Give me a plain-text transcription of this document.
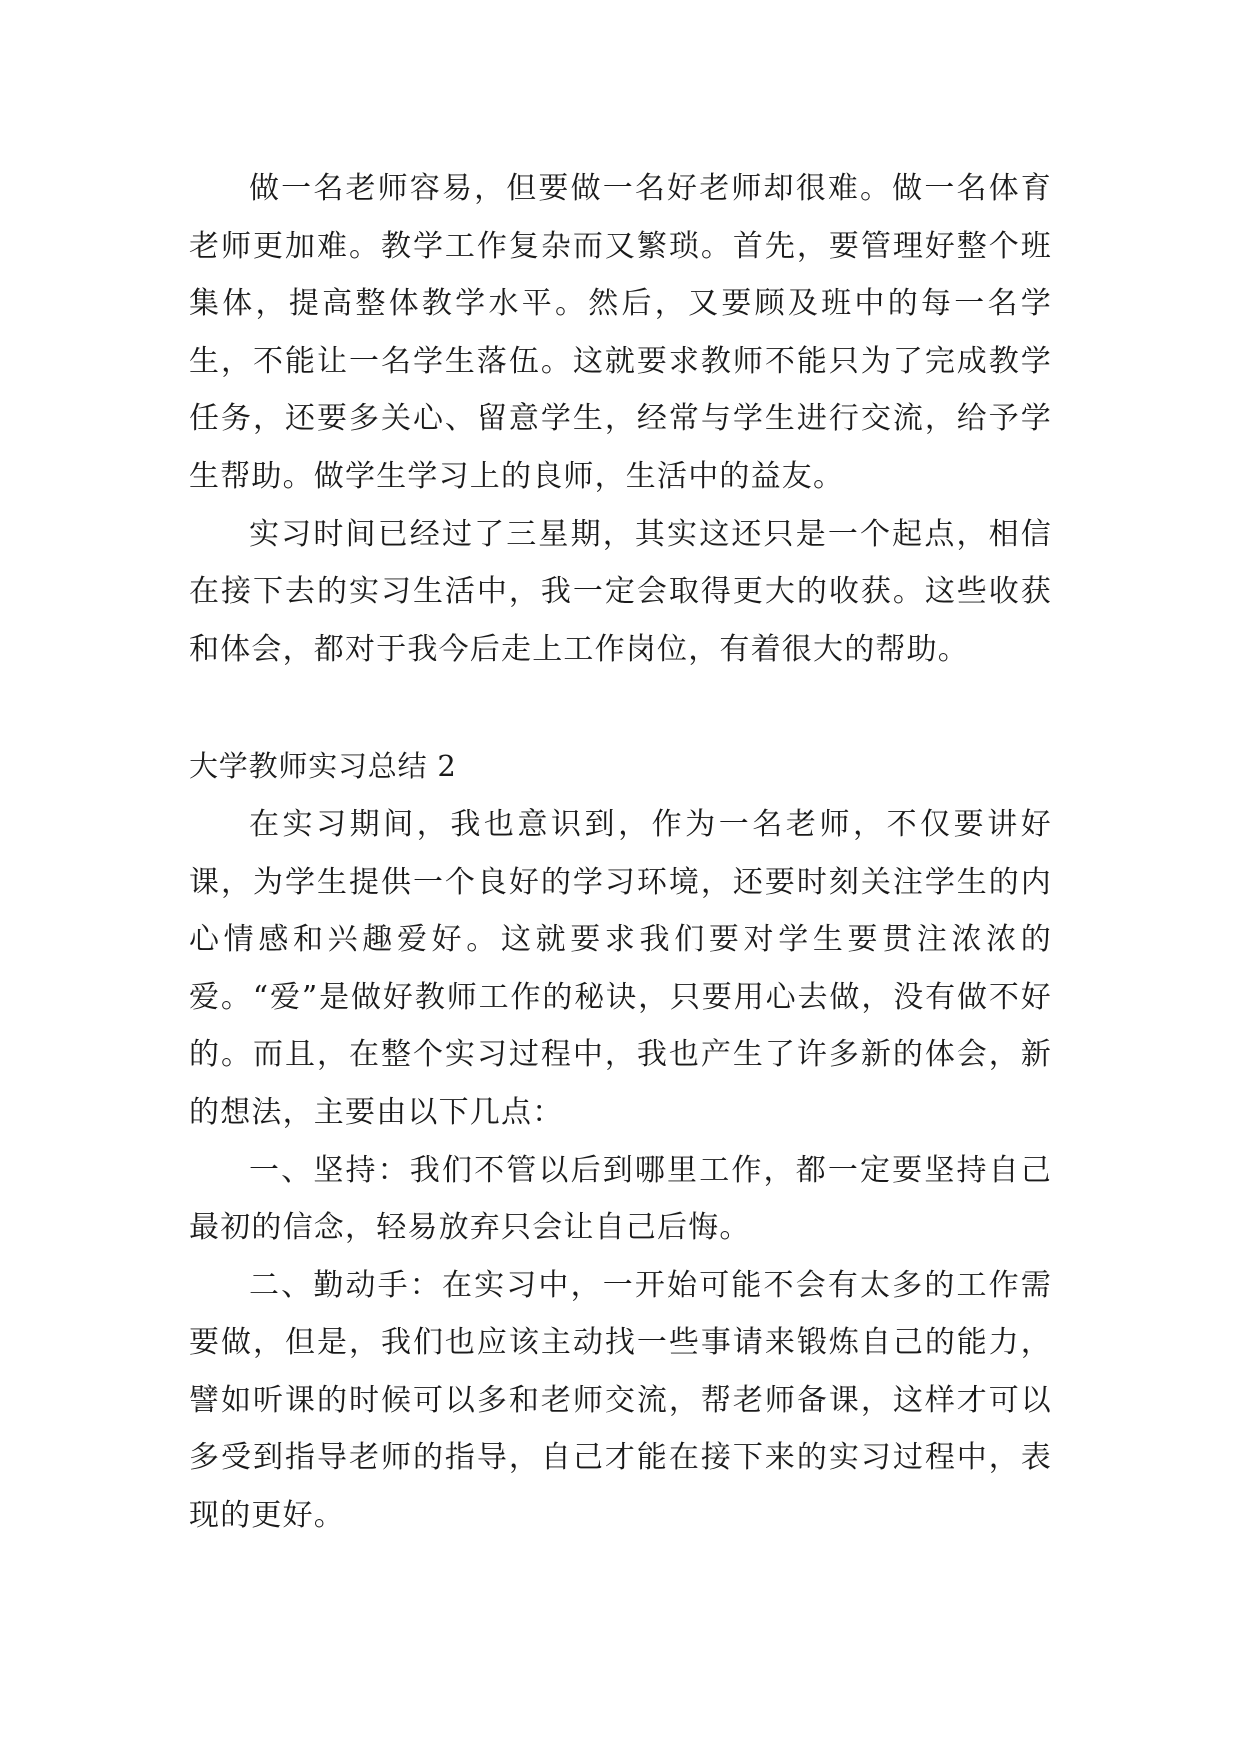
做一名老师容易，但要做一名好老师却很难。做一名体育老师更加难。教学工作复杂而又繁琐。首先，要管理好整个班集体，提高整体教学水平。然后，又要顾及班中的每一名学生，不能让一名学生落伍。这就要求教师不能只为了完成教学任务，还要多关心、留意学生，经常与学生进行交流，给予学生帮助。做学生学习上的良师，生活中的益友。

实习时间已经过了三星期，其实这还只是一个起点，相信在接下去的实习生活中，我一定会取得更大的收获。这些收获和体会，都对于我今后走上工作岗位，有着很大的帮助。

大学教师实习总结 2

在实习期间，我也意识到，作为一名老师，不仅要讲好课，为学生提供一个良好的学习环境，还要时刻关注学生的内心情感和兴趣爱好。这就要求我们要对学生要贯注浓浓的爱。“爱”是做好教师工作的秘诀，只要用心去做，没有做不好的。而且，在整个实习过程中，我也产生了许多新的体会，新的想法，主要由以下几点：

一、坚持：我们不管以后到哪里工作，都一定要坚持自己最初的信念，轻易放弃只会让自己后悔。

二、勤动手：在实习中，一开始可能不会有太多的工作需要做，但是，我们也应该主动找一些事请来锻炼自己的能力，譬如听课的时候可以多和老师交流，帮老师备课，这样才可以多受到指导老师的指导，自己才能在接下来的实习过程中，表现的更好。
